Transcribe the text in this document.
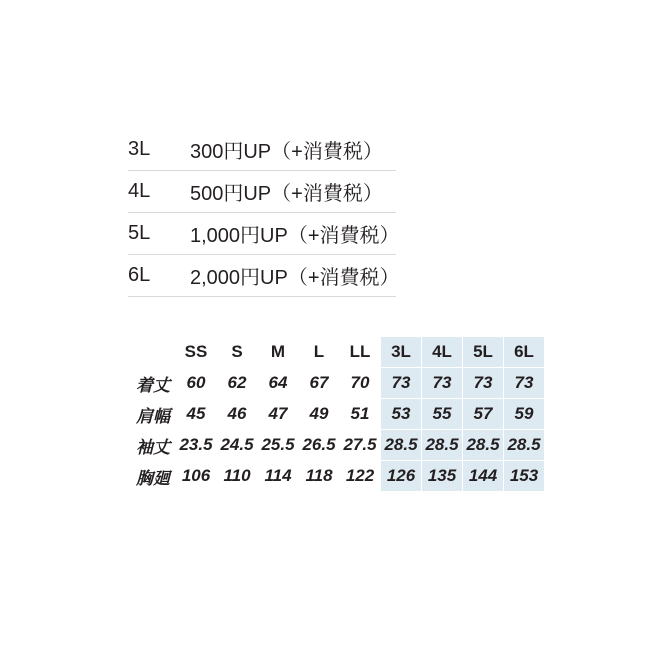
3L	300円UP（+消費税）
4L	500円UP（+消費税）
5L	1,000円UP（+消費税）
6L	2,000円UP（+消費税）
	SS	S	M	L	LL	3L	4L	5L	6L
着丈	60	62	64	67	70	73	73	73	73
肩幅	45	46	47	49	51	53	55	57	59
袖丈	23.5	24.5	25.5	26.5	27.5	28.5	28.5	28.5	28.5
胸廻	106	110	114	118	122	126	135	144	153
